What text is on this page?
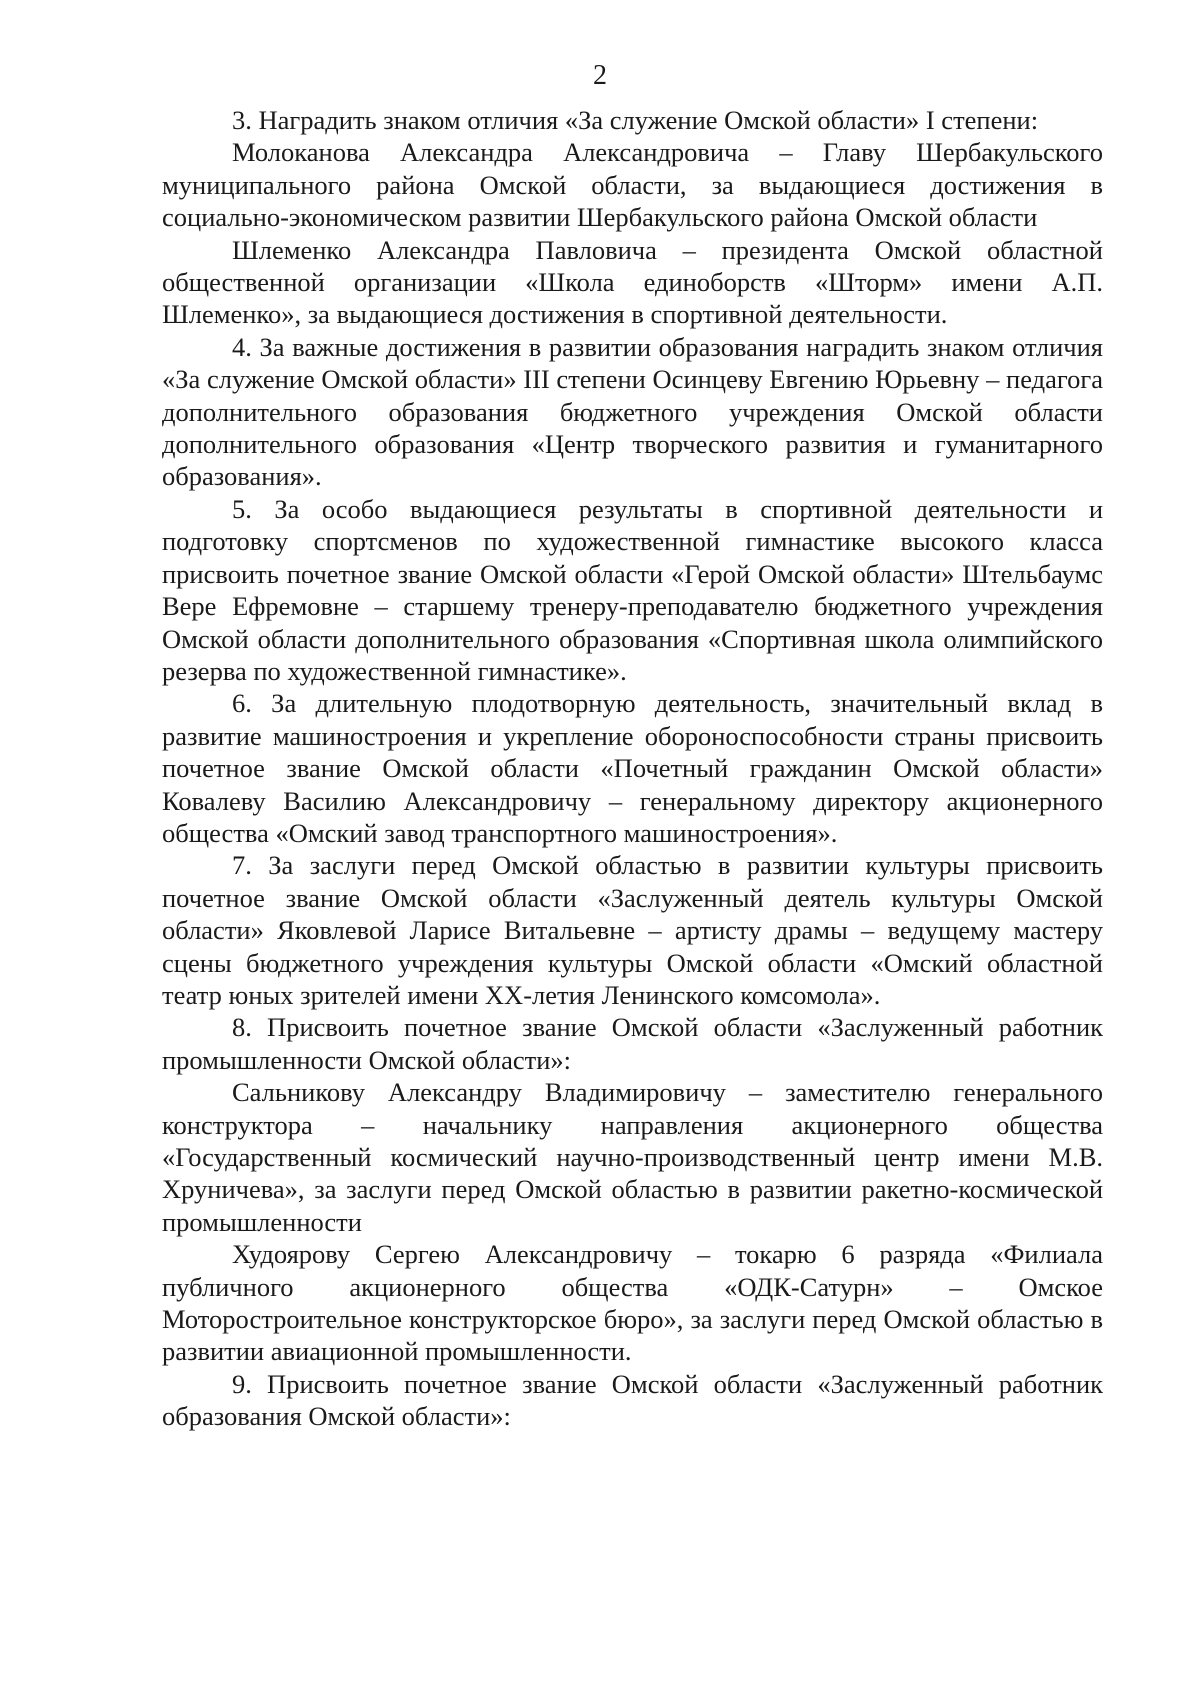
2

3. Наградить знаком отличия «За служение Омской области» I степени:

Молоканова Александра Александровича – Главу Шербакульского муниципального района Омской области, за выдающиеся достижения в социально-экономическом развитии Шербакульского района Омской области

Шлеменко Александра Павловича – президента Омской областной общественной организации «Школа единоборств «Шторм» имени А.П. Шлеменко», за выдающиеся достижения в спортивной деятельности.

4. За важные достижения в развитии образования наградить знаком отличия «За служение Омской области» III степени Осинцеву Евгению Юрьевну – педагога дополнительного образования бюджетного учреждения Омской области дополнительного образования «Центр творческого развития и гуманитарного образования».

5. За особо выдающиеся результаты в спортивной деятельности и подготовку спортсменов по художественной гимнастике высокого класса присвоить почетное звание Омской области «Герой Омской области» Штельбаумс Вере Ефремовне – старшему тренеру-преподавателю бюджетного учреждения Омской области дополнительного образования «Спортивная школа олимпийского резерва по художественной гимнастике».

6. За длительную плодотворную деятельность, значительный вклад в развитие машиностроения и укрепление обороноспособности страны присвоить почетное звание Омской области «Почетный гражданин Омской области» Ковалеву Василию Александровичу – генеральному директору акционерного общества «Омский завод транспортного машиностроения».

7. За заслуги перед Омской областью в развитии культуры присвоить почетное звание Омской области «Заслуженный деятель культуры Омской области» Яковлевой Ларисе Витальевне – артисту драмы – ведущему мастеру сцены бюджетного учреждения культуры Омской области «Омский областной театр юных зрителей имени XX-летия Ленинского комсомола».

8. Присвоить почетное звание Омской области «Заслуженный работник промышленности Омской области»:

Сальникову Александру Владимировичу – заместителю генерального конструктора – начальнику направления акционерного общества «Государственный космический научно-производственный центр имени М.В. Хруничева», за заслуги перед Омской областью в развитии ракетно-космической промышленности

Худоярову Сергею Александровичу – токарю 6 разряда «Филиала публичного акционерного общества «ОДК-Сатурн» – Омское Моторостроительное конструкторское бюро», за заслуги перед Омской областью в развитии авиационной промышленности.

9. Присвоить почетное звание Омской области «Заслуженный работник образования Омской области»:
